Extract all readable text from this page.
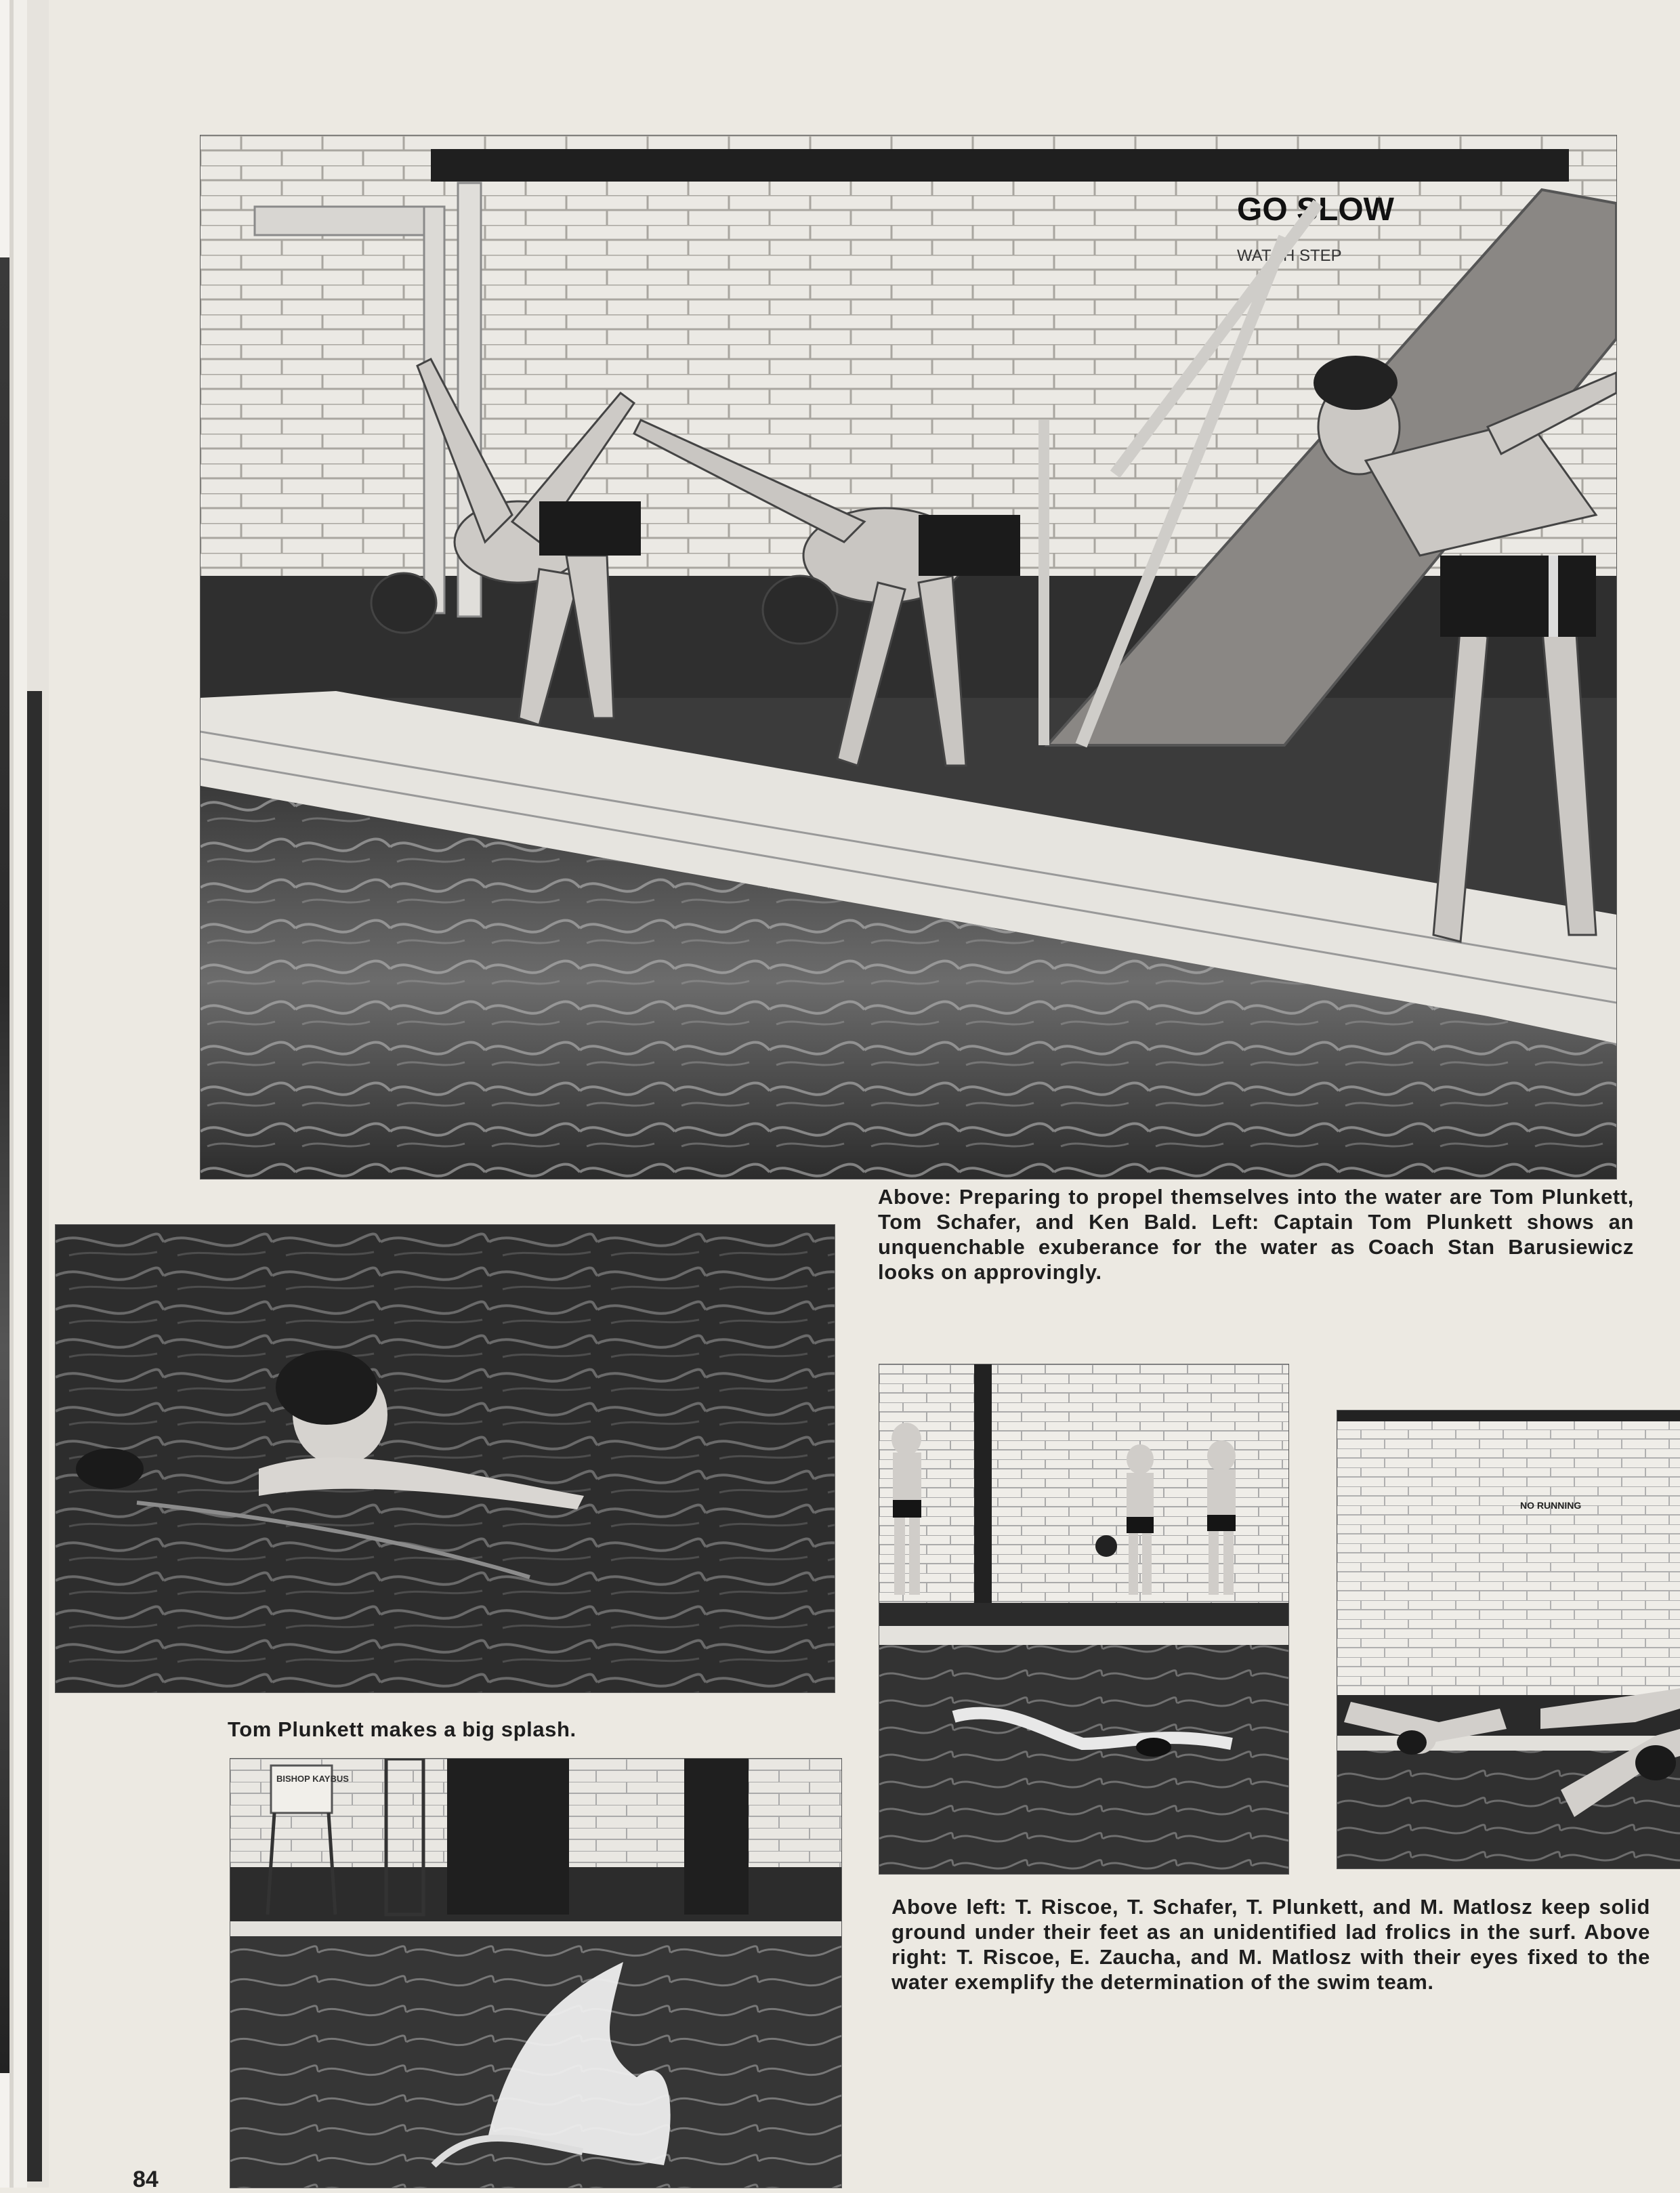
GO SLOW
WATCH STEP
Above: Preparing to propel themselves into the water are Tom Plunkett, Tom Schafer, and Ken Bald. Left: Captain Tom Plunkett shows an unquenchable exuberance for the water as Coach Stan Barusiewicz looks on approvingly.
Tom Plunkett makes a big splash.
BISHOP KAYBUS
NO RUNNING
Above left: T. Riscoe, T. Schafer, T. Plunkett, and M. Matlosz keep solid ground under their feet as an unidentified lad frolics in the surf. Above right: T. Riscoe, E. Zaucha, and M. Matlosz with their eyes fixed to the water exemplify the determination of the swim team.
84
